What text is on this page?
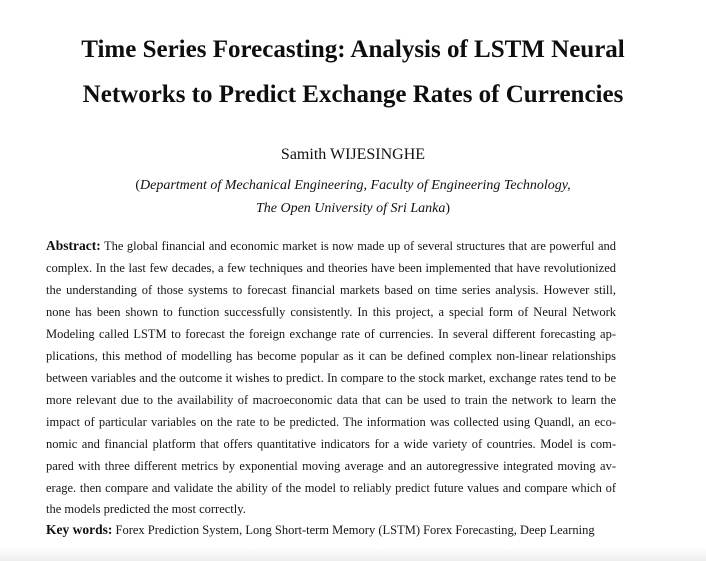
Time Series Forecasting: Analysis of LSTM Neural
Networks to Predict Exchange Rates of Currencies
Samith WIJESINGHE
(Department of Mechanical Engineering, Faculty of Engineering Technology,
The Open University of Sri Lanka)
Abstract: The global financial and economic market is now made up of several structures that are powerful and
complex. In the last few decades, a few techniques and theories have been implemented that have revolutionized
the understanding of those systems to forecast financial markets based on time series analysis. However still,
none has been shown to function successfully consistently. In this project, a special form of Neural Network
Modeling called LSTM to forecast the foreign exchange rate of currencies. In several different forecasting ap-
plications, this method of modelling has become popular as it can be defined complex non-linear relationships
between variables and the outcome it wishes to predict. In compare to the stock market, exchange rates tend to be
more relevant due to the availability of macroeconomic data that can be used to train the network to learn the
impact of particular variables on the rate to be predicted. The information was collected using Quandl, an eco-
nomic and financial platform that offers quantitative indicators for a wide variety of countries. Model is com-
pared with three different metrics by exponential moving average and an autoregressive integrated moving av-
erage. then compare and validate the ability of the model to reliably predict future values and compare which of
the models predicted the most correctly.
Key words: Forex Prediction System, Long Short-term Memory (LSTM) Forex Forecasting, Deep Learning
